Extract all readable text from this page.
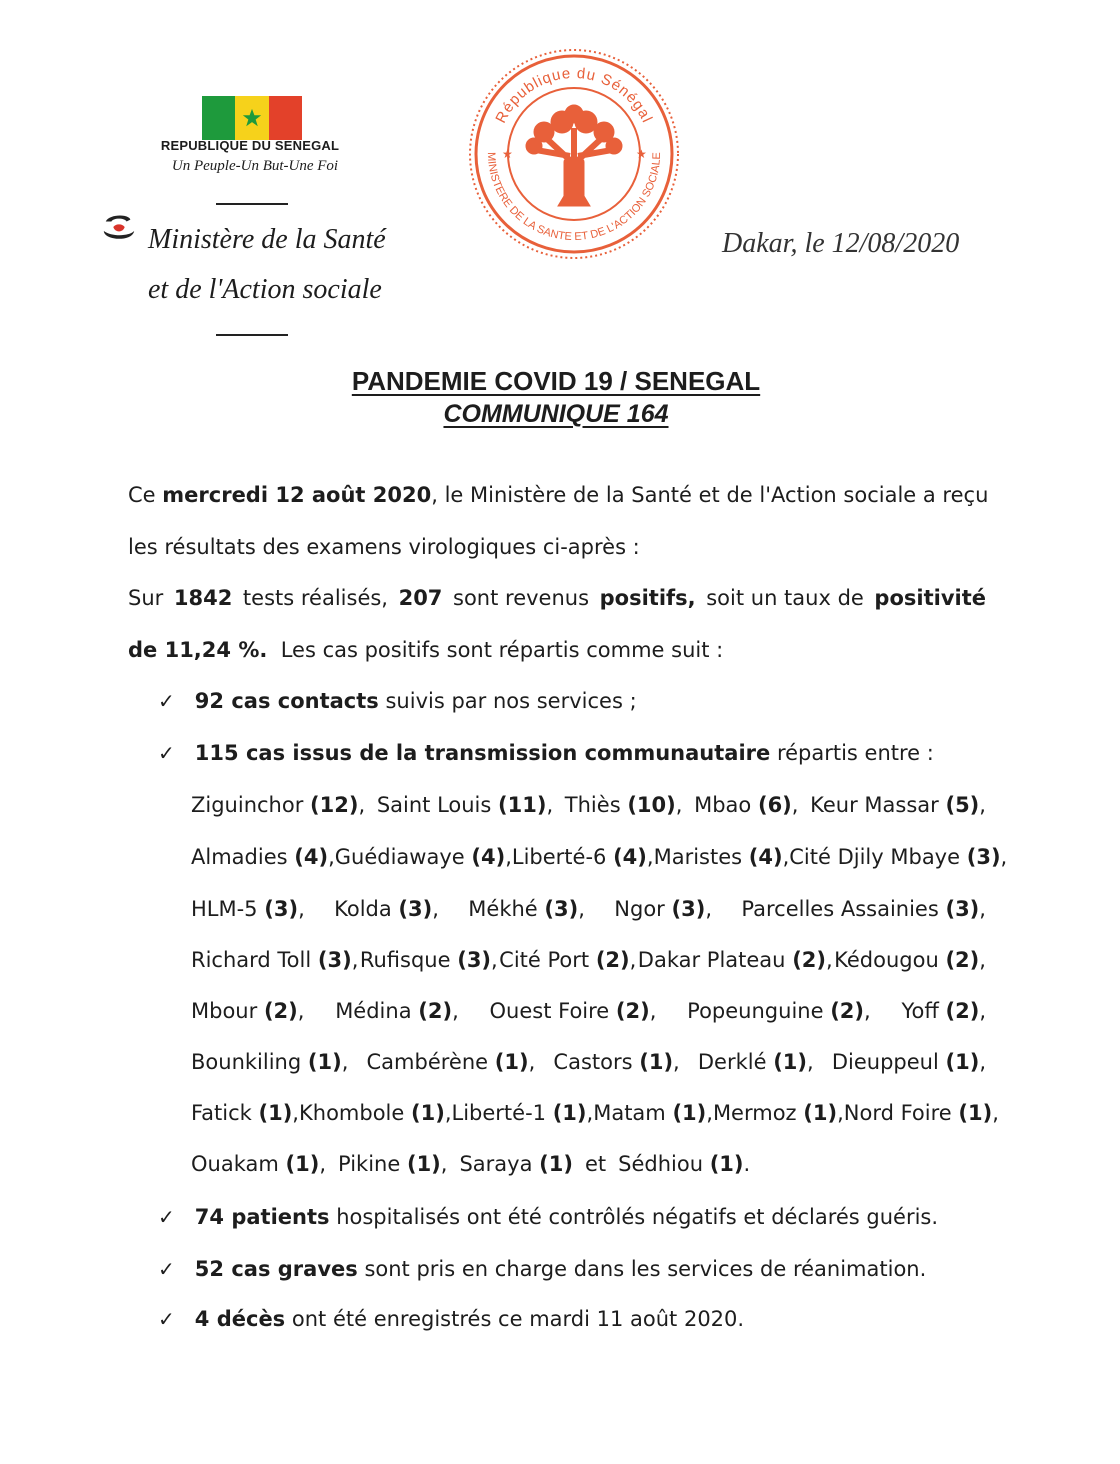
REPUBLIQUE DU SENEGAL
Un Peuple-Un But-Une Foi
Ministère de la Santé
et de l'Action sociale
République du Sénégal
MINISTERE DE LA SANTE ET DE L'ACTION SOCIALE
★	★
Dakar, le 12/08/2020
PANDEMIE COVID 19 / SENEGAL
COMMUNIQUE 164
Ce mercredi 12 août 2020, le Ministère de la Santé et de l'Action sociale a reçu
les résultats des examens virologiques ci-après :
Sur 1842 tests réalisés, 207 sont revenus positifs, soit un taux de positivité
de 11,24 %. Les cas positifs sont répartis comme suit :
✓ 92 cas contacts suivis par nos services ;
✓ 115 cas issus de la transmission communautaire répartis entre :
Ziguinchor (12), Saint Louis (11), Thiès (10), Mbao (6), Keur Massar (5),
Almadies (4), Guédiawaye (4), Liberté-6 (4), Maristes (4), Cité Djily Mbaye (3),
HLM-5 (3), Kolda (3), Mékhé (3), Ngor (3), Parcelles Assainies (3),
Richard Toll (3), Rufisque (3), Cité Port (2), Dakar Plateau (2), Kédougou (2),
Mbour (2), Médina (2), Ouest Foire (2), Popeunguine (2), Yoff (2),
Bounkiling (1), Cambérène (1), Castors (1), Derklé (1), Dieuppeul (1),
Fatick (1), Khombole (1), Liberté-1 (1), Matam (1), Mermoz (1), Nord Foire (1),
Ouakam (1), Pikine (1), Saraya (1) et Sédhiou (1).
✓ 74 patients hospitalisés ont été contrôlés négatifs et déclarés guéris.
✓ 52 cas graves sont pris en charge dans les services de réanimation.
✓ 4 décès ont été enregistrés ce mardi 11 août 2020.
